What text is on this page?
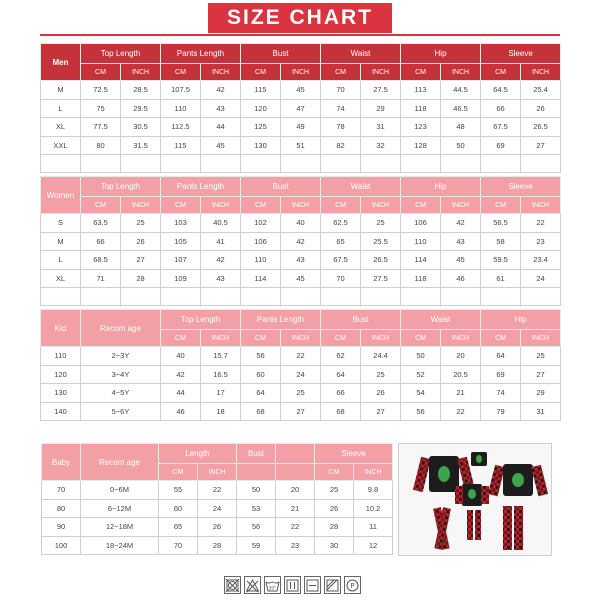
SIZE CHART
Men	Top Length		Pants Length		Bust		Waist		Hip		Sleeve	
	CM	INCH	CM	INCH	CM	INCH	CM	INCH	CM	INCH	CM	INCH
M	72.5	28.5	107.5	42	115	45	70	27.5	113	44.5	64.5	25.4
L	75	29.5	110	43	120	47	74	29	118	46.5	66	26
XL	77.5	30.5	112.5	44	125	49	78	31	123	48	67.5	26.5
XXL	80	31.5	115	45	130	51	82	32	128	50	69	27

Women	Top Length		Pants Length		Bust		Waist		Hip		Sleeve	
	CM	INCH	CM	INCH	CM	INCH	CM	INCH	CM	INCH	CM	INCH
S	63.5	25	103	40.5	102	40	62.5	25	106	42	56.5	22
M	66	26	105	41	106	42	65	25.5	110	43	58	23
L	68.5	27	107	42	110	43	67.5	26.5	114	45	59.5	23.4
XL	71	28	109	43	114	45	70	27.5	118	46	61	24

Kid	Recom age	Top Length		Pants Length		Bust		Waist		Hip	
		CM	INCH	CM	INCH	CM	INCH	CM	INCH	CM	INCH
110	2~3Y	40	15.7	56	22	62	24.4	50	20	64	25
120	3~4Y	42	16.5	60	24	64	25	52	20.5	69	27
130	4~5Y	44	17	64	25	66	26	54	21	74	29
140	5~6Y	46	18	68	27	68	27	56	22	79	31
Baby	Recom age	Length		Bust		Sleeve	
		CM	INCH			CM	INCH
70	0~6M	55	22	50	20	25	9.8
80	6~12M	60	24	53	21	26	10.2
90	12~18M	65	26	56	22	28	11
100	18~24M	70	28	59	23	30	12
30°	P
